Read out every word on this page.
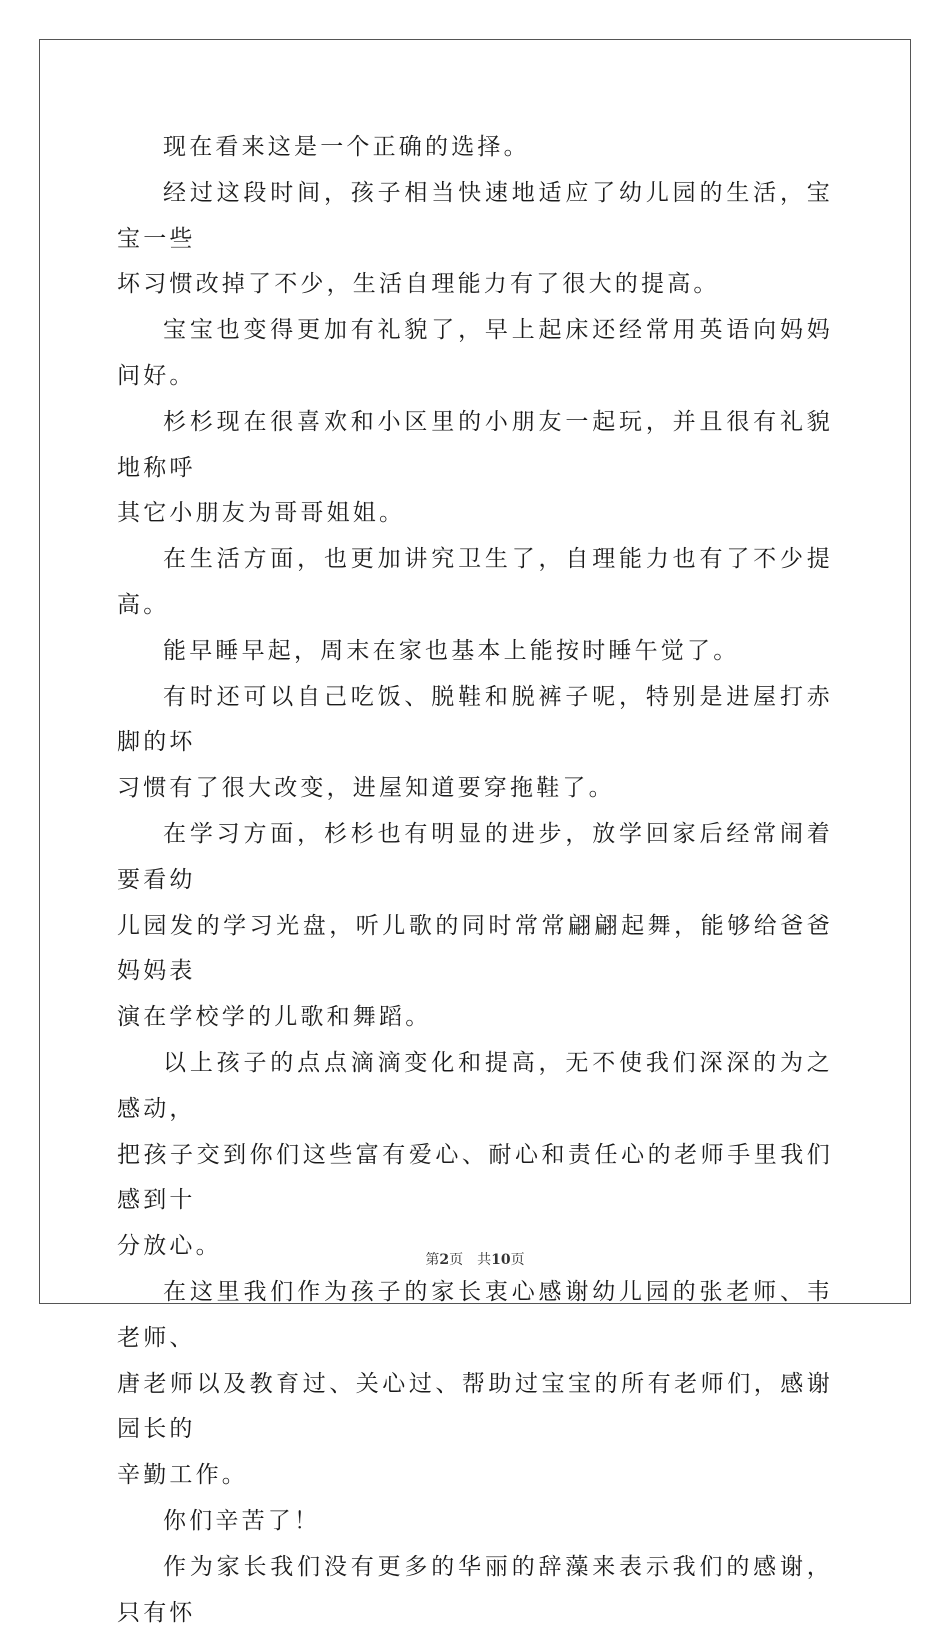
现在看来这是一个正确的选择。

经过这段时间，孩子相当快速地适应了幼儿园的生活，宝宝一些
坏习惯改掉了不少，生活自理能力有了很大的提高。

宝宝也变得更加有礼貌了，早上起床还经常用英语向妈妈问好。

杉杉现在很喜欢和小区里的小朋友一起玩，并且很有礼貌地称呼
其它小朋友为哥哥姐姐。

在生活方面，也更加讲究卫生了，自理能力也有了不少提高。

能早睡早起，周末在家也基本上能按时睡午觉了。

有时还可以自己吃饭、脱鞋和脱裤子呢，特别是进屋打赤脚的坏
习惯有了很大改变，进屋知道要穿拖鞋了。

在学习方面，杉杉也有明显的进步，放学回家后经常闹着要看幼
儿园发的学习光盘，听儿歌的同时常常翩翩起舞，能够给爸爸妈妈表
演在学校学的儿歌和舞蹈。

以上孩子的点点滴滴变化和提高，无不使我们深深的为之感动，
把孩子交到你们这些富有爱心、耐心和责任心的老师手里我们感到十
分放心。

在这里我们作为孩子的家长衷心感谢幼儿园的张老师、韦老师、
唐老师以及教育过、关心过、帮助过宝宝的所有老师们，感谢园长的
辛勤工作。

你们辛苦了！

作为家长我们没有更多的华丽的辞藻来表示我们的感谢，只有怀

第2页 共10页
